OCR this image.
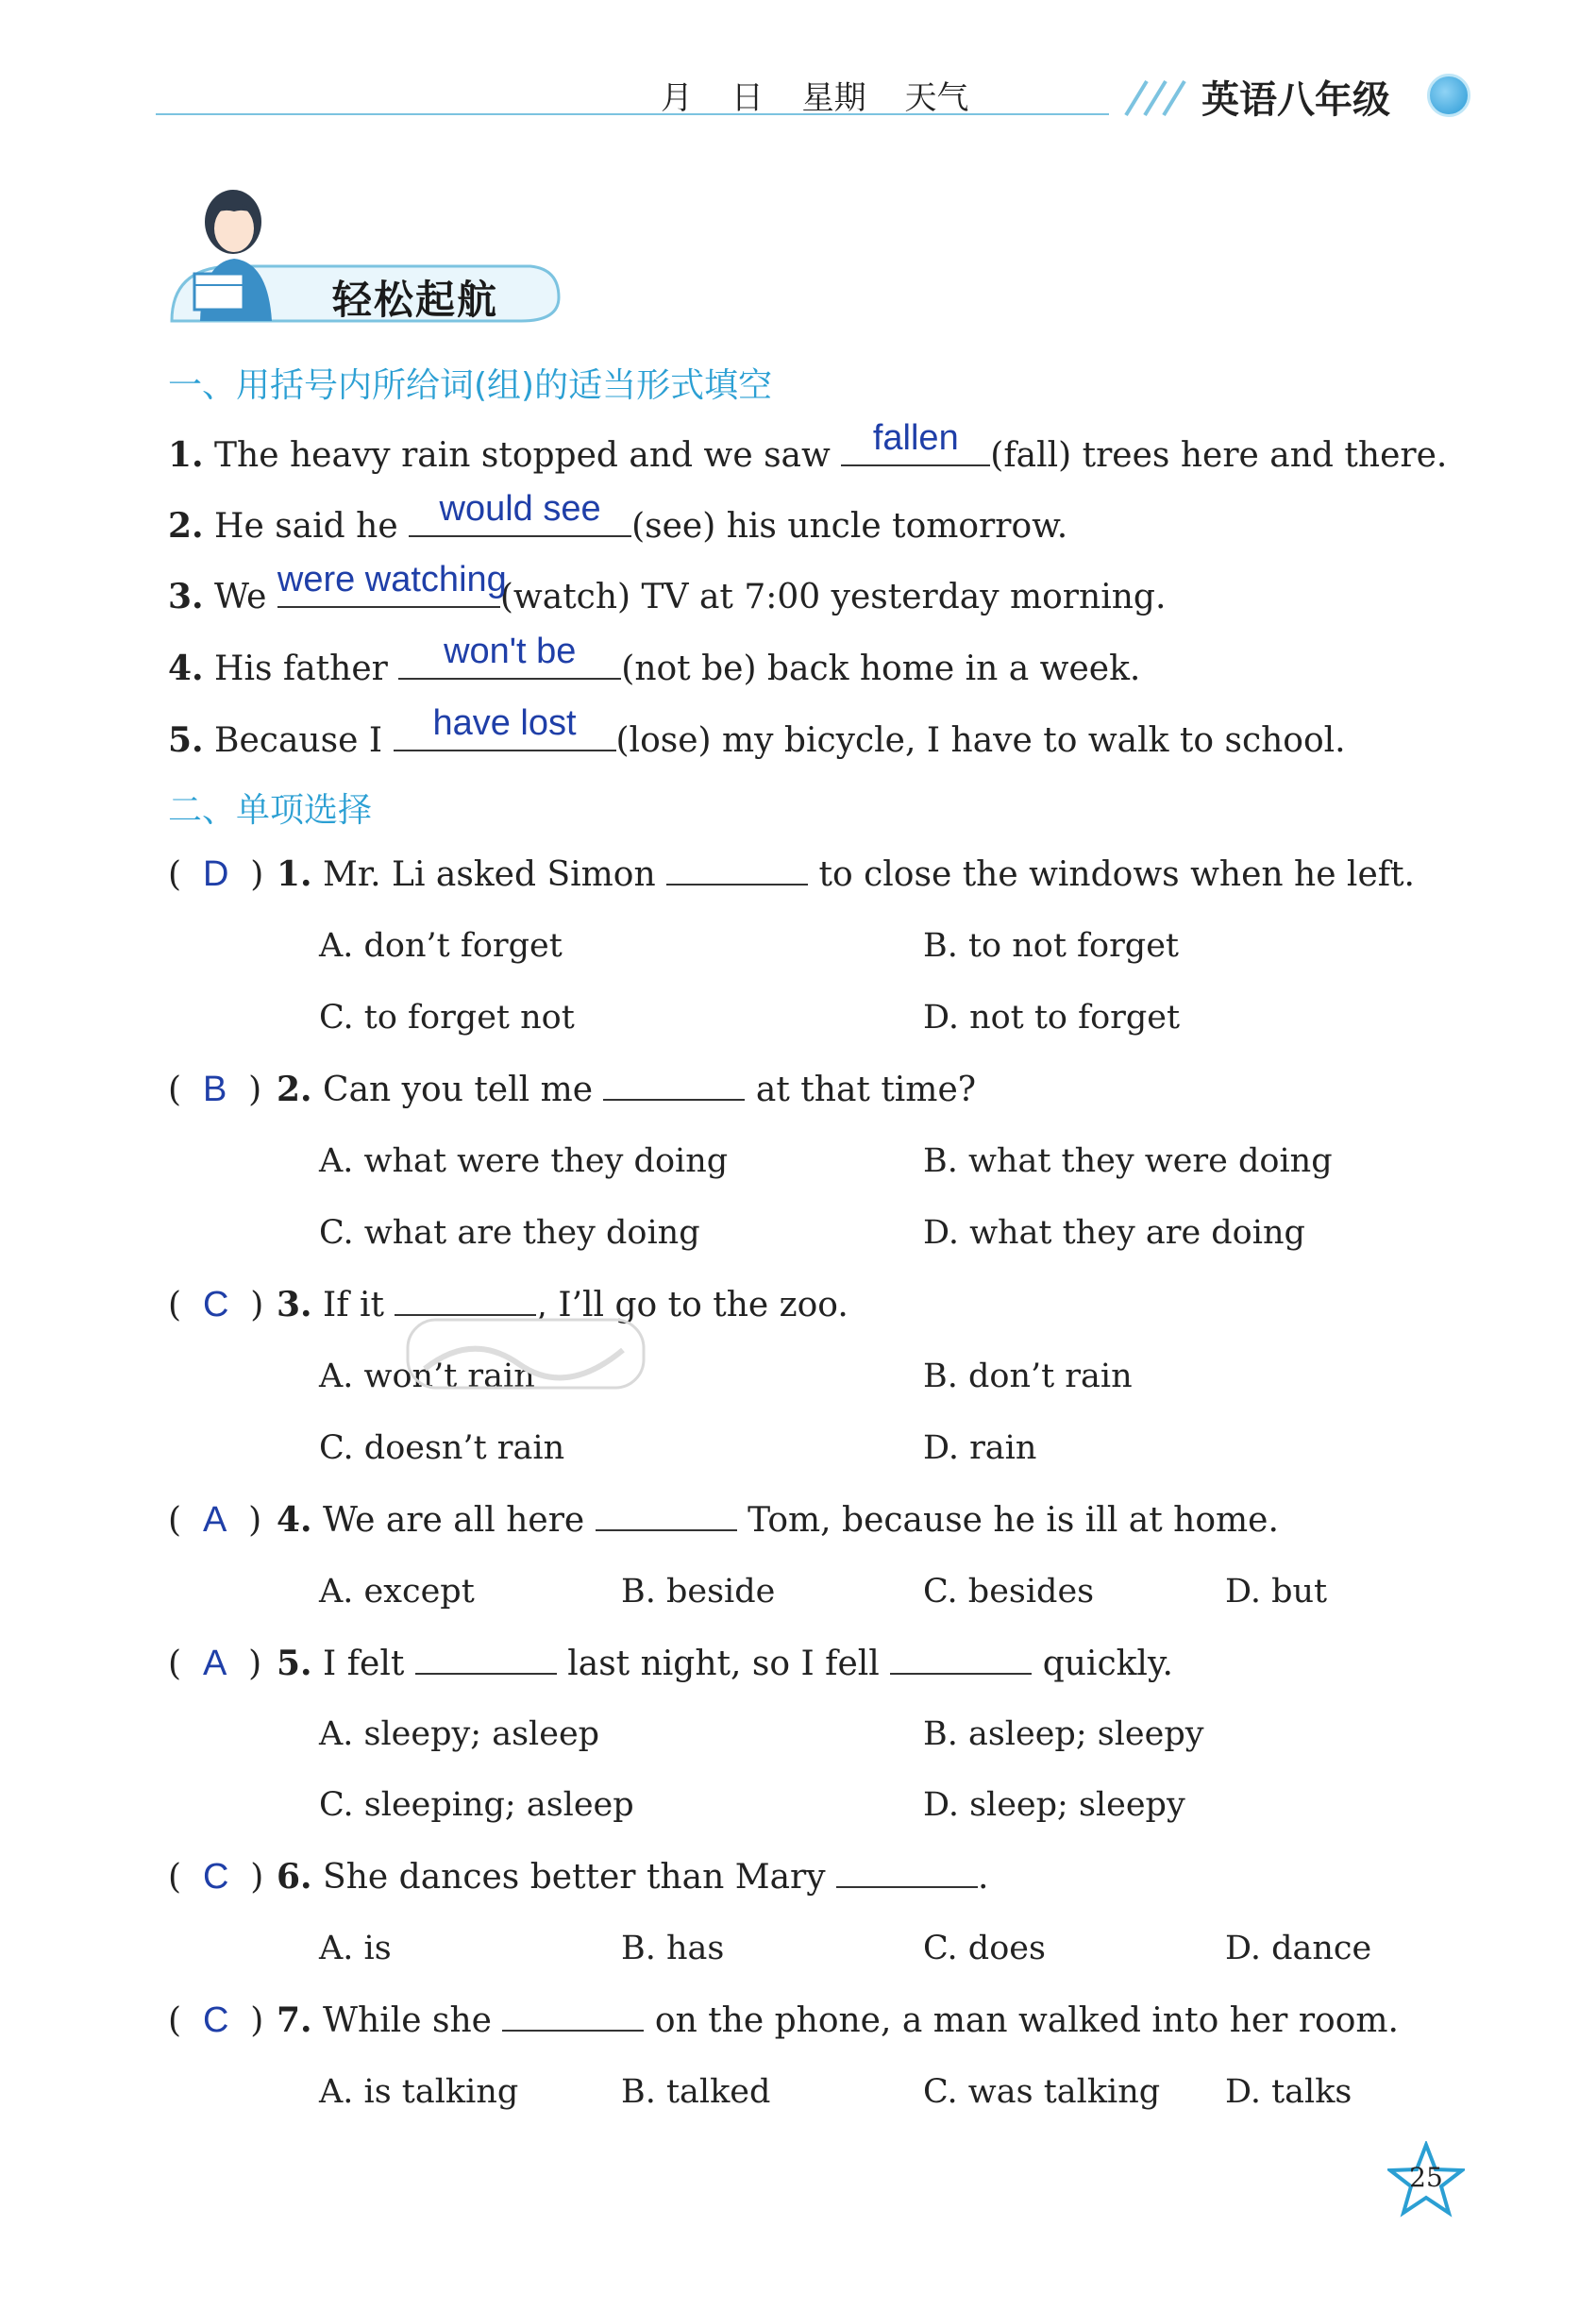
月 日 星期 天气	英语八年级
轻松起航
一、用括号内所给词(组)的适当形式填空
1. The heavy rain stopped and we saw	fallen (fall) trees here and there.
2. He said he	would see (see) his uncle tomorrow.
3. We were watching
(watch) TV at 7:00 yesterday morning.
4. His father	won't be	(not be) back home in a week.
5. Because I	have lost	(lose) my bicycle, I have to walk to school.
二、单项选择
(  D  ) 1. Mr. Li asked Simon	to close the windows when he left.
A. don’t forget	B. to not forget
C. to forget not	D. not to forget
(  B  ) 2. Can you tell me	at that time?
A. what were they doing	B. what they were doing
C. what are they doing	D. what they are doing
(  C  ) 3. If it	, I’ll go to the zoo.
A. won’t rain	B. don’t rain
C. doesn’t rain	D. rain
(  A  ) 4. We are all here	Tom, because he is ill at home.
A. except	B. beside	C. besides	D. but
(  A  ) 5. I felt	last night, so I fell	quickly.
A. sleepy; asleep	B. asleep; sleepy
C. sleeping; asleep	D. sleep; sleepy
(  C  ) 6. She dances better than Mary	.
A. is	B. has	C. does	D. dance
(  C  ) 7. While she	on the phone, a man walked into her room.
A. is talking	B. talked	C. was talking D. talks
25
